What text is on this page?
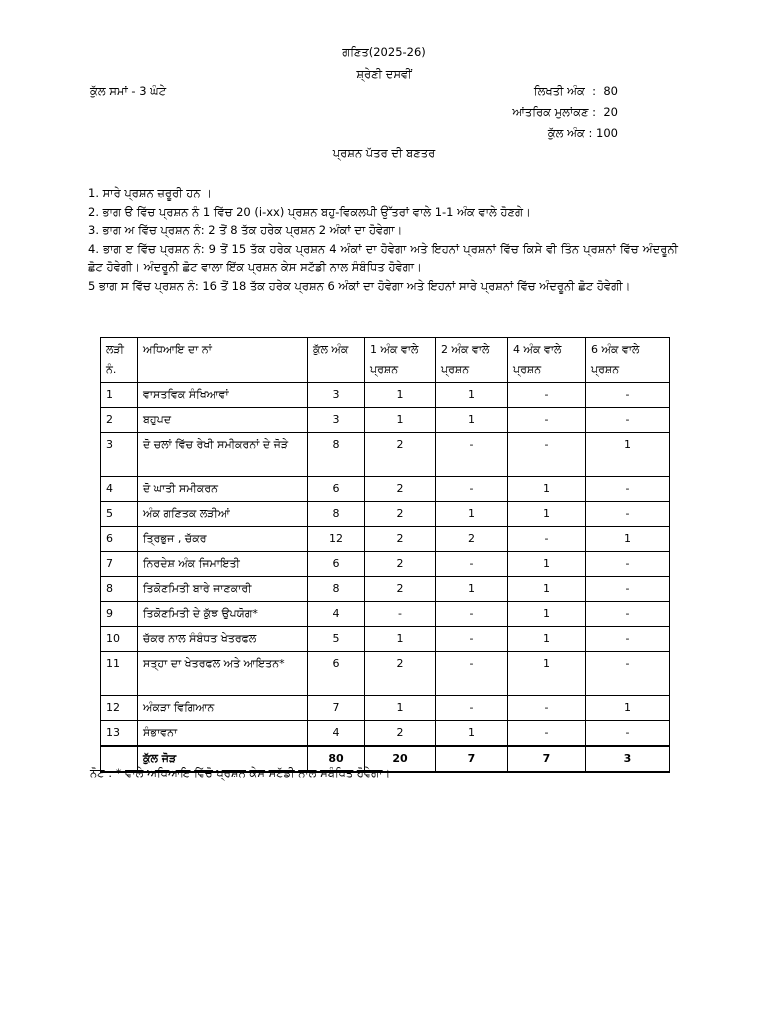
ਗਣਿਤ(2025-26)
ਸ਼੍ਰੇਣੀ ਦਸਵੀਂ
ਕੁੱਲ ਸਮਾਂ - 3 ਘੰਟੇ	ਲਿਖਤੀ ਅੰਕ  :  80
ਆਂਤਰਿਕ ਮੁਲਾਂਕਣ :  20
ਕੁੱਲ ਅੰਕ : 100
ਪ੍ਰਸ਼ਨ ਪੱਤਰ ਦੀ ਬਣਤਰ
1. ਸਾਰੇ ਪ੍ਰਸ਼ਨ ਜ਼ਰੂਰੀ ਹਨ ।
2. ਭਾਗ ੳ ਵਿੱਚ ਪ੍ਰਸ਼ਨ ਨੰ 1 ਵਿੱਚ 20 (i-xx) ਪ੍ਰਸ਼ਨ ਬਹੁ-ਵਿਕਲਪੀ ਉੱਤਰਾਂ ਵਾਲੇ 1-1 ਅੰਕ ਵਾਲੇ ਹੋਣਗੇ।
3. ਭਾਗ ਅ ਵਿੱਚ ਪ੍ਰਸ਼ਨ ਨੰ: 2 ਤੋਂ 8 ਤੱਕ ਹਰੇਕ ਪ੍ਰਸ਼ਨ 2 ਅੰਕਾਂ ਦਾ ਹੋਵੇਗਾ।
4. ਭਾਗ ੲ ਵਿੱਚ ਪ੍ਰਸ਼ਨ ਨੰ: 9 ਤੋਂ 15 ਤੱਕ ਹਰੇਕ ਪ੍ਰਸ਼ਨ 4 ਅੰਕਾਂ ਦਾ ਹੋਵੇਗਾ ਅਤੇ ਇਹਨਾਂ ਪ੍ਰਸ਼ਨਾਂ ਵਿੱਚ ਕਿਸੇ ਵੀ ਤਿੰਨ ਪ੍ਰਸ਼ਨਾਂ ਵਿੱਚ ਅੰਦਰੂਨੀ ਛੋਟ ਹੋਵੇਗੀ। ਅੰਦਰੂਨੀ ਛੋਟ ਵਾਲਾ ਇੱਕ ਪ੍ਰਸ਼ਨ ਕੇਸ ਸਟੱਡੀ ਨਾਲ ਸੰਬੰਧਿਤ ਹੋਵੇਗਾ।
5 ਭਾਗ ਸ ਵਿੱਚ ਪ੍ਰਸ਼ਨ ਨੰ: 16 ਤੋਂ 18 ਤੱਕ ਹਰੇਕ ਪ੍ਰਸ਼ਨ 6 ਅੰਕਾਂ ਦਾ ਹੋਵੇਗਾ ਅਤੇ ਇਹਨਾਂ ਸਾਰੇ ਪ੍ਰਸ਼ਨਾਂ ਵਿੱਚ ਅੰਦਰੂਨੀ ਛੋਟ ਹੋਵੇਗੀ।
ਲੜੀ ਨੰ.	ਅਧਿਆਇ ਦਾ ਨਾਂ	ਕੁੱਲ ਅੰਕ	1 ਅੰਕ ਵਾਲੇ ਪ੍ਰਸ਼ਨ	2 ਅੰਕ ਵਾਲੇ ਪ੍ਰਸ਼ਨ	4 ਅੰਕ ਵਾਲੇ ਪ੍ਰਸ਼ਨ	6 ਅੰਕ ਵਾਲੇ ਪ੍ਰਸ਼ਨ
1	ਵਾਸਤਵਿਕ ਸੰਖਿਆਵਾਂ	3	1	1	-	-
2	ਬਹੁਪਦ	3	1	1	-	-
3	ਦੋ ਚਲਾਂ ਵਿੱਚ ਰੇਖੀ ਸਮੀਕਰਨਾਂ ਦੇ ਜੋੜੇ	8	2	-	-	1
4	ਦੋ ਘਾਤੀ ਸਮੀਕਰਨ	6	2	-	1	-
5	ਅੰਕ ਗਣਿਤਕ ਲੜੀਆਂ	8	2	1	1	-
6	ਤ੍ਰਿਭੁਜ , ਚੱਕਰ	12	2	2	-	1
7	ਨਿਰਦੇਸ਼ ਅੰਕ ਜਿਮਾਇਤੀ	6	2	-	1	-
8	ਤਿਕੋਣਮਿਤੀ ਬਾਰੇ ਜਾਣਕਾਰੀ	8	2	1	1	-
9	ਤਿਕੋਣਮਿਤੀ ਦੇ ਕੁੱਝ ਉਪਯੋਗ*	4	-	-	1	-
10	ਚੱਕਰ ਨਾਲ ਸੰਬੰਧਤ ਖੇਤਰਫਲ	5	1	-	1	-
11	ਸਤ੍ਹਾ ਦਾ ਖੇਤਰਫਲ ਅਤੇ ਆਇਤਨ*	6	2	-	1	-
12	ਅੰਕੜਾ ਵਿਗਿਆਨ	7	1	-	-	1
13	ਸੰਭਾਵਨਾ	4	2	1	-	-
	ਕੁੱਲ ਜੋੜ	80	20	7	7	3
ਨੋਟ : * ਵਾਲੇ ਅਧਿਆਇ ਵਿੱਚੋ ਪ੍ਰਸ਼ਨ ਕੇਸ ਸਟੱਡੀ ਨਾਲ ਸਬੰਧਿਤ ਹੋਵੇਗਾ।
